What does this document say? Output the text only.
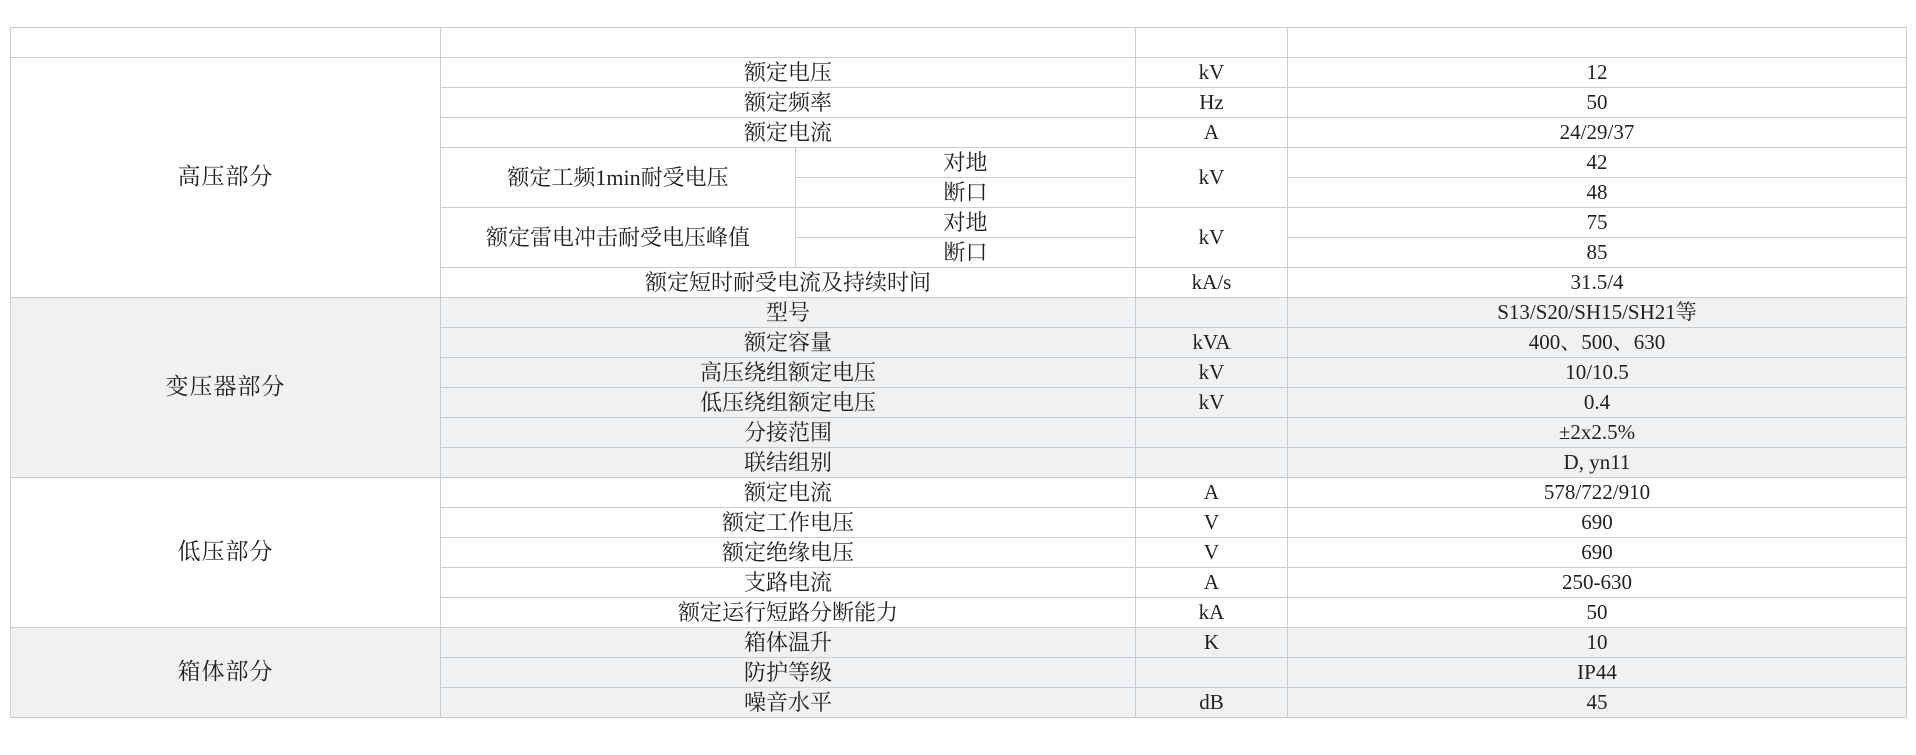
单元	名称		单位	参数
高压部分	额定电压		kV	12
	额定频率		Hz	50
	额定电流		A	24/29/37
	额定工频1min耐受电压	对地	kV	42
		断口		48
	额定雷电冲击耐受电压峰值	对地	kV	75
		断口		85
	额定短时耐受电流及持续时间		kA/s	31.5/4
变压器部分	型号			S13/S20/SH15/SH21等
	额定容量		kVA	400、500、630
	高压绕组额定电压		kV	10/10.5
	低压绕组额定电压		kV	0.4
	分接范围			±2x2.5%
	联结组别			D, yn11
低压部分	额定电流		A	578/722/910
	额定工作电压		V	690
	额定绝缘电压		V	690
	支路电流		A	250-630
	额定运行短路分断能力		kA	50
箱体部分	箱体温升		K	10
	防护等级			IP44
	噪音水平		dB	45
